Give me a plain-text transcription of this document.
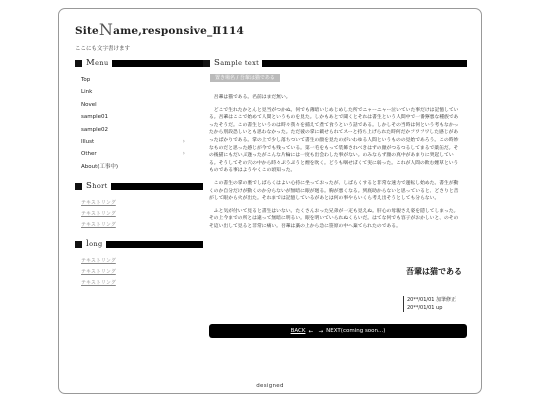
SiteName,responsive_Ⅱ114
ここにも文字書けます
Menu
Top
Link
Novel
sample01
sample02
Illust	›
Other	›
About(工事中)
Short
テキストリング
テキストリング
テキストリング
long
テキストリング
テキストリング
テキストリング
Sample text
置き場名 / 吾輩は猫である

吾輩は猫である。名前はまだ無い。

どこで生れたかとんと見当がつかぬ。何でも薄暗いじめじめした所でニャーニャー泣いていた事だけは記憶している。吾輩はここで始めて人間というものを見た。しかもあとで聞くとそれは書生という人間中で一番獰悪な種族であったそうだ。この書生というのは時々我々を捕えて煮て食うという話である。しかしその当時は何という考もなかったから別段恐しいとも思わなかった。ただ彼の掌に載せられてスーと持ち上げられた時何だかフワフワした感じがあったばかりである。掌の上で少し落ちついて書生の顔を見たのがいわゆる人間というものの見始であろう。この時妙なものだと思った感じが今でも残っている。第一毛をもって装飾されべきはずの顔がつるつるしてまるで薬缶だ。その後猫にもだいぶ逢ったがこんな片輪には一度も出会わした事がない。のみならず顔の真中があまりに突起している。そうしてその穴の中から時々ぷうぷうと煙を吹く。どうも咽せぽくて実に弱った。これが人間の飲む煙草というものである事はようやくこの頃知った。

この書生の掌の裏でしばらくはよい心持に坐っておったが、しばらくすると非常な速力で運転し始めた。書生が動くのか自分だけが動くのか分らないが無暗に眼が廻る。胸が悪くなる。到底助からないと思っていると、どさりと音がして眼から火が出た。それまでは記憶しているがあとは何の事やらいくら考え出そうとしても分らない。

ふと気が付いて見ると書生はいない。たくさんおった兄弟が一疋も見えぬ。肝心の母親さえ姿を隠してしまった。その上今までの所とは違って無暗に明るい。眼を明いていられぬくらいだ。はてな何でも容子がおかしいと、のそのそ這い出して見ると非常に痛い。吾輩は藁の上から急に笹原の中へ棄てられたのである。

吾輩は猫である
20**/01/01 加筆修正
20**/01/01 up
BACK ←　→ NEXT(coming soon...)
designed
